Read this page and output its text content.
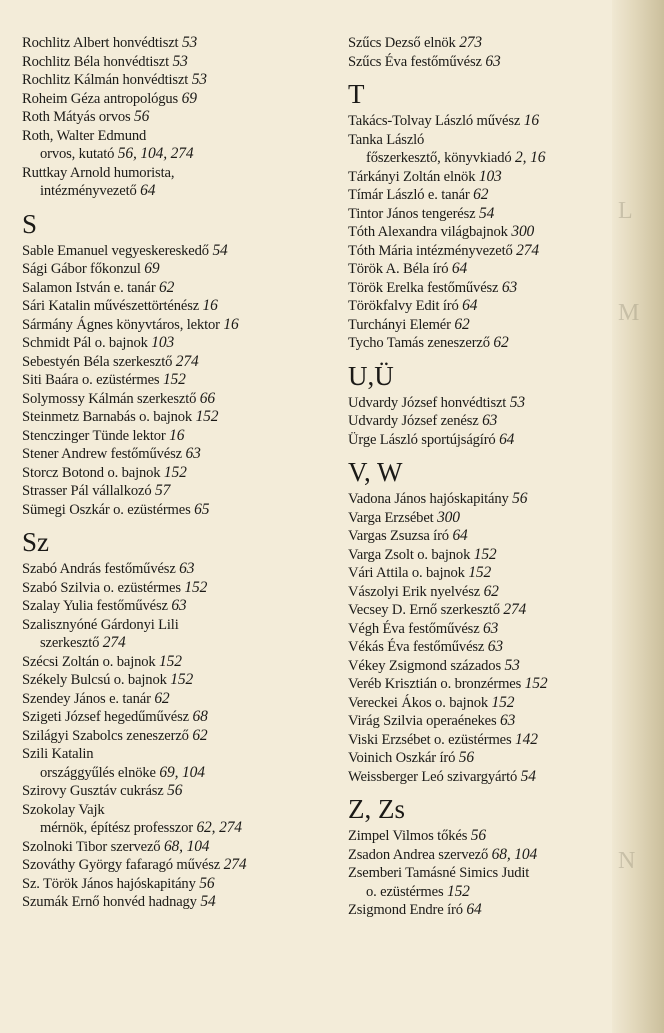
Rochlitz Albert honvédtiszt 53
Rochlitz Béla honvédtiszt 53
Rochlitz Kálmán honvédtiszt 53
Roheim Géza antropológus 69
Roth Mátyás orvos 56
Roth, Walter Edmund
orvos, kutató 56, 104, 274
Ruttkay Arnold humorista,
intézményvezető 64
S
Sable Emanuel vegyeskereskedő 54
Sági Gábor főkonzul 69
Salamon István e. tanár 62
Sári Katalin művészettörténész 16
Sármány Ágnes könyvtáros, lektor 16
Schmidt Pál o. bajnok 103
Sebestyén Béla szerkesztő 274
Siti Baára o. ezüstérmes 152
Solymossy Kálmán szerkesztő 66
Steinmetz Barnabás o. bajnok 152
Stenczinger Tünde lektor 16
Stener Andrew festőművész 63
Storcz Botond o. bajnok 152
Strasser Pál vállalkozó 57
Sümegi Oszkár o. ezüstérmes 65
Sz
Szabó András festőművész 63
Szabó Szilvia o. ezüstérmes 152
Szalay Yulia festőművész 63
Szalisznyóné Gárdonyi Lili
szerkesztő 274
Szécsi Zoltán o. bajnok 152
Székely Bulcsú o. bajnok 152
Szendey János e. tanár 62
Szigeti József hegedűművész 68
Szilágyi Szabolcs zeneszerző 62
Szili Katalin
országgyűlés elnöke 69, 104
Szirovy Gusztáv cukrász 56
Szokolay Vajk
mérnök, építész professzor 62, 274
Szolnoki Tibor szervező 68, 104
Szováthy György fafaragó művész 274
Sz. Török János hajóskapitány 56
Szumák Ernő honvéd hadnagy 54
Szűcs Dezső elnök 273
Szűcs Éva festőművész 63
T
Takács-Tolvay László művész 16
Tanka László
főszerkesztő, könyvkiadó 2, 16
Tárkányi Zoltán elnök 103
Tímár László e. tanár 62
Tintor János tengerész 54
Tóth Alexandra világbajnok 300
Tóth Mária intézményvezető 274
Török A. Béla író 64
Török Erelka festőművész 63
Törökfalvy Edit író 64
Turchányi Elemér 62
Tycho Tamás zeneszerző 62
U,Ü
Udvardy József honvédtiszt 53
Udvardy József zenész 63
Ürge László sportújságíró 64
V, W
Vadona János hajóskapitány 56
Varga Erzsébet 300
Vargas Zsuzsa író 64
Varga Zsolt o. bajnok 152
Vári Attila o. bajnok 152
Vászolyi Erik nyelvész 62
Vecsey D. Ernő szerkesztő 274
Végh Éva festőművész 63
Vékás Éva festőművész 63
Vékey Zsigmond százados 53
Veréb Krisztián o. bronzérmes 152
Vereckei Ákos o. bajnok 152
Virág Szilvia operaénekes 63
Viski Erzsébet o. ezüstérmes 142
Voinich Oszkár író 56
Weissberger Leó szivargyártó 54
Z, Zs
Zimpel Vilmos tőkés 56
Zsadon Andrea szervező 68, 104
Zsemberi Tamásné Simics Judit
o. ezüstérmes 152
Zsigmond Endre író 64
L
M
N
